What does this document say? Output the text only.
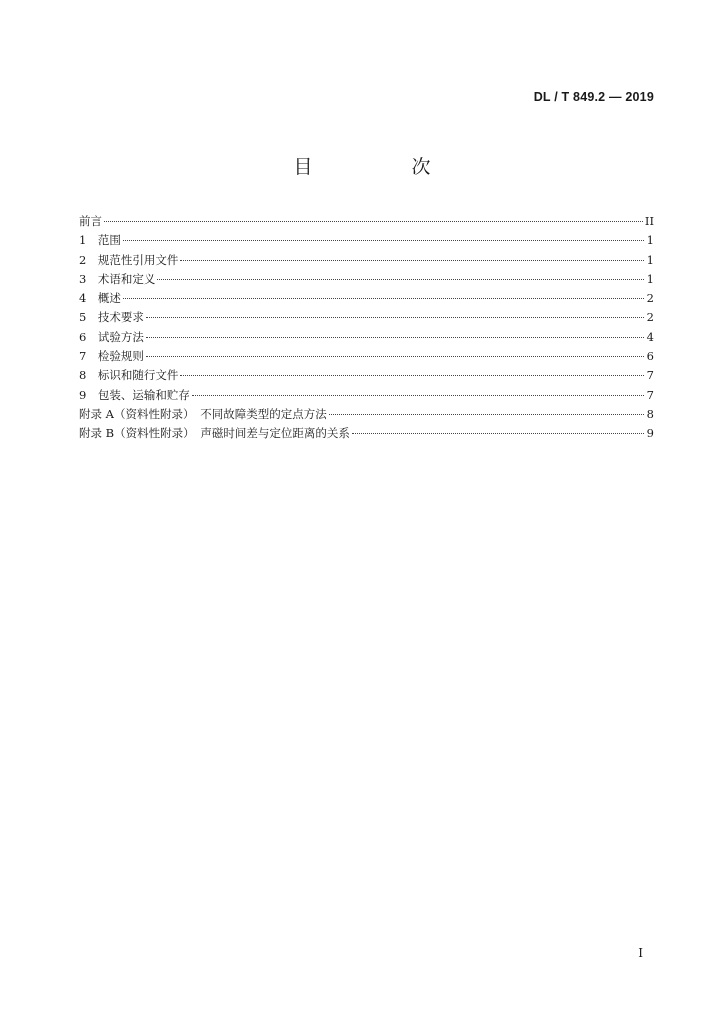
DL / T 849.2 — 2019
目　次
前言	II
1　范围	1
2　规范性引用文件	1
3　术语和定义	1
4　概述	2
5　技术要求	2
6　试验方法	4
7　检验规则	6
8　标识和随行文件	7
9　包装、运输和贮存	7
附录 A（资料性附录）　不同故障类型的定点方法	8
附录 B（资料性附录）　声磁时间差与定位距离的关系	9
I
